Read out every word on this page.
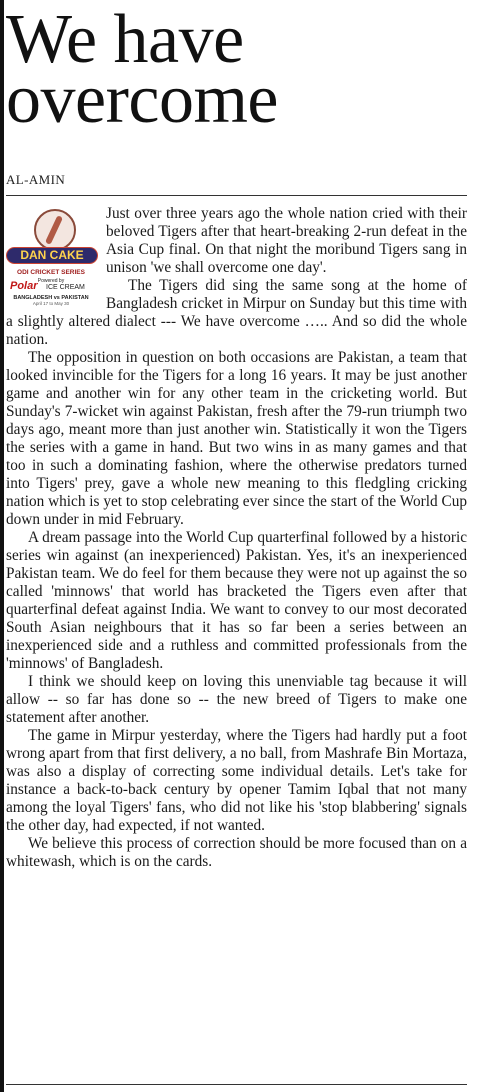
We have overcome
AL-AMIN

DAN CAKE
ODI CRICKET SERIES
Powered by
Polar ICE CREAM
BANGLADESH vs PAKISTAN
April 17 to May 30
Just over three years ago the whole nation cried with their beloved Tigers after that heart-breaking 2-run defeat in the Asia Cup final. On that night the moribund Tigers sang in unison 'we shall overcome one day'.

The Tigers did sing the same song at the home of Bangladesh cricket in Mirpur on Sunday but this time with a slightly altered dialect --- We have overcome ….. And so did the whole nation.

The opposition in question on both occasions are Pakistan, a team that looked invincible for the Tigers for a long 16 years. It may be just another game and another win for any other team in the cricketing world. But Sunday's 7-wicket win against Pakistan, fresh after the 79-run triumph two days ago, meant more than just another win. Statistically it won the Tigers the series with a game in hand. But two wins in as many games and that too in such a dominating fashion, where the otherwise predators turned into Tigers' prey, gave a whole new meaning to this fledgling cricking nation which is yet to stop celebrating ever since the start of the World Cup down under in mid February.

A dream passage into the World Cup quarterfinal followed by a historic series win against (an inexperienced) Pakistan. Yes, it's an inexperienced Pakistan team. We do feel for them because they were not up against the so called 'minnows' that world has bracketed the Tigers even after that quarterfinal defeat against India. We want to convey to our most decorated South Asian neighbours that it has so far been a series between an inexperienced side and a ruthless and committed professionals from the 'minnows' of Bangladesh.

I think we should keep on loving this unenviable tag because it will allow -- so far has done so -- the new breed of Tigers to make one statement after another.

The game in Mirpur yesterday, where the Tigers had hardly put a foot wrong apart from that first delivery, a no ball, from Mashrafe Bin Mortaza, was also a display of correcting some individual details. Let's take for instance a back-to-back century by opener Tamim Iqbal that not many among the loyal Tigers' fans, who did not like his 'stop blabbering' signals the other day, had expected, if not wanted.

We believe this process of correction should be more focused than on a whitewash, which is on the cards.
